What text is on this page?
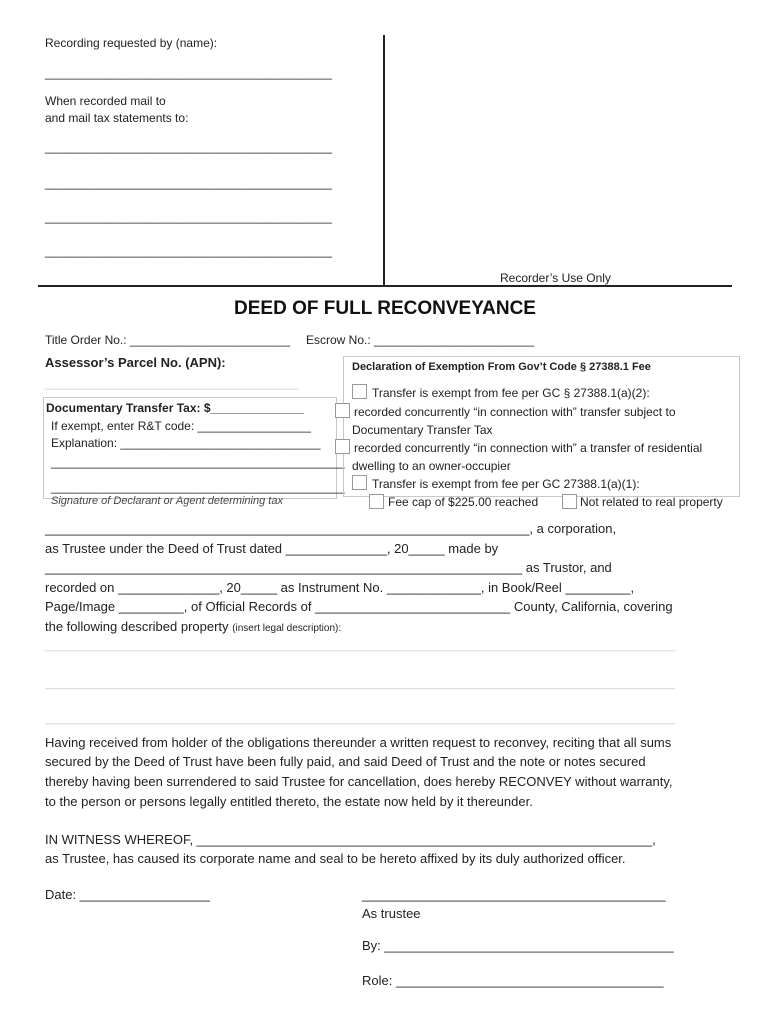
Recording requested by (name):
___________________________________________
When recorded mail to
and mail tax statements to:
___________________________________________
___________________________________________
___________________________________________
___________________________________________
Recorder’s Use Only
DEED OF FULL RECONVEYANCE
Title Order No.: ________________________ Escrow No.: ________________________
Assessor’s Parcel No. (APN):
______________________________________
Documentary Transfer Tax: $______________
If exempt, enter R&T code: _________________
Explanation: ______________________________
____________________________________________
____________________________________________
Signature of Declarant or Agent determining tax
Declaration of Exemption From Gov’t Code § 27388.1 Fee
Transfer is exempt from fee per GC § 27388.1(a)(2):
recorded concurrently “in connection with” transfer subject to
Documentary Transfer Tax
recorded concurrently “in connection with” a transfer of residential
dwelling to an owner-occupier
Transfer is exempt from fee per GC 27388.1(a)(1):
Fee cap of $225.00 reached	Not related to real property
___________________________________________________________________, a corporation,
as Trustee under the Deed of Trust dated ______________, 20_____ made by
__________________________________________________________________ as Trustor, and
recorded on ______________, 20_____ as Instrument No. _____________, in Book/Reel _________,
Page/Image _________, of Official Records of ___________________________ County, California, covering
the following described property (insert legal description):
_______________________________________________________________________________________________________
_______________________________________________________________________________________________________
_______________________________________________________________________________________________________
Having received from holder of the obligations thereunder a written request to reconvey, reciting that all sums
secured by the Deed of Trust have been fully paid, and said Deed of Trust and the note or notes secured
thereby having been surrendered to said Trustee for cancellation, does hereby RECONVEY without warranty,
to the person or persons legally entitled thereto, the estate now held by it thereunder.
IN WITNESS WHEREOF, _______________________________________________________________,
as Trustee, has caused its corporate name and seal to be hereto affixed by its duly authorized officer.
Date: __________________	__________________________________________
As trustee
By: ________________________________________
Role: _____________________________________
